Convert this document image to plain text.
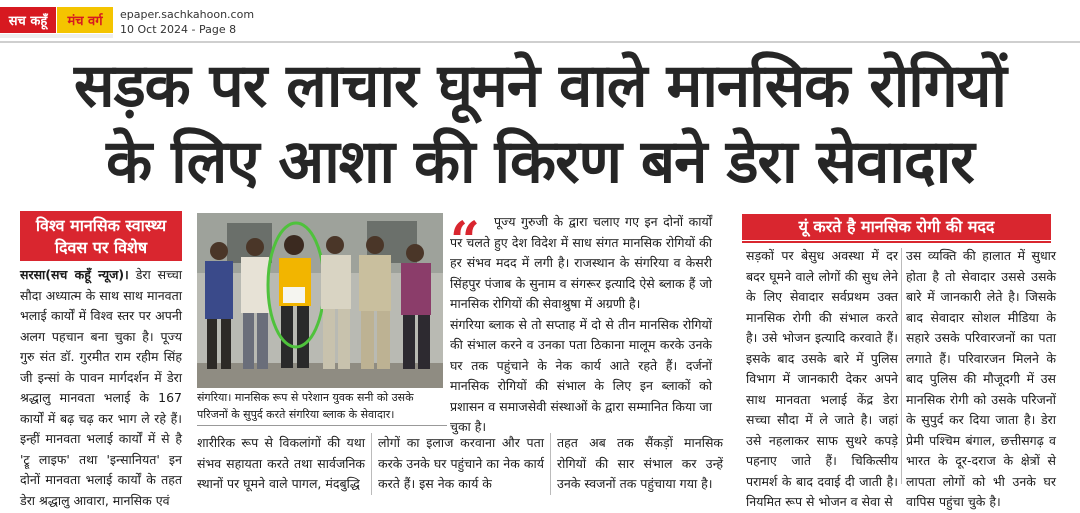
सच कहूँ	मंच वर्ग	epaper.sachkahoon.com
10 Oct 2024 - Page 8
सड़क पर लाचार घूमने वाले मानसिक रोगियों
के लिए आशा की किरण बने डेरा सेवादार
विश्व मानसिक स्वास्थ्य
दिवस पर विशेष

सरसा(सच कहूँ न्यूज)। डेरा सच्चा सौदा अध्यात्म के साथ साथ मानवता भलाई कार्यों में विश्व स्तर पर अपनी अलग पहचान बना चुका है। पूज्य गुरु संत डॉ. गुरमीत राम रहीम सिंह जी इन्सां के पावन मार्गदर्शन में डेरा श्रद्धालु मानवता भलाई के 167 कार्यों में बढ़ चढ़ कर भाग ले रहे हैं। इन्हीं मानवता भलाई कार्यों में से है 'ट्रू लाइफ' तथा 'इन्सानियत' इन दोनों मानवता भलाई कार्यों के तहत डेरा श्रद्धालु आवारा, मानसिक एवं

संगरिया। मानसिक रूप से परेशान युवक सनी को उसके परिजनों के सुपुर्द करते संगरिया ब्लाक के सेवादार।
“	पूज्य गुरुजी के द्वारा चलाए गए इन दोनों कार्यों पर चलते हुए देश विदेश में साध संगत मानसिक रोगियों की हर संभव मदद में लगी है। राजस्थान के संगरिया व केसरी सिंहपुर पंजाब के सुनाम व संगरूर इत्यादि ऐसे ब्लाक हैं जो मानसिक रोगियों की सेवाश्रुषा में अग्रणी है।

संगरिया ब्लाक से तो सप्ताह में दो से तीन मानसिक रोगियों की संभाल करने व उनका पता ठिकाना मालूम करके उनके घर तक पहुंचाने के नेक कार्य आते रहते हैं। दर्जनों मानसिक रोगियों की संभाल के लिए इन ब्लाकों को प्रशासन व समाजसेवी संस्थाओं के द्वारा सम्मानित किया जा चुका है।

शारीरिक रूप से विकलांगों की यथा संभव सहायता करते तथा सार्वजनिक स्थानों पर घूमने वाले पागल, मंदबुद्धि
लोगों का इलाज करवाना और पता करके उनके घर पहुंचाने का नेक कार्य करते हैं। इस नेक कार्य के
तहत अब तक सैंकड़ों मानसिक रोगियों की सार संभाल कर उन्हें उनके स्वजनों तक पहुंचाया गया है।
यूं करते है मानसिक रोगी की मदद
सड़कों पर बेसुध अवस्था में दर बदर घूमने वाले लोगों की सुध लेने के लिए सेवादार सर्वप्रथम उक्त मानसिक रोगी की संभाल करते है। उसे भोजन इत्यादि करवाते हैं। इसके बाद उसके बारे में पुलिस विभाग में जानकारी देकर अपने साथ मानवता भलाई केंद्र डेरा सच्चा सौदा में ले जाते है। जहां उसे नहलाकर साफ सुथरे कपड़े पहनाए जाते हैं। चिकित्सीय परामर्श के बाद दवाई दी जाती है। नियमित रूप से भोजन व सेवा से
उस व्यक्ति की हालात में सुधार होता है तो सेवादार उससे उसके बारे में जानकारी लेते है। जिसके बाद सेवादार सोशल मीडिया के सहारे उसके परिवारजनों का पता लगाते हैं। परिवारजन मिलने के बाद पुलिस की मौजूदगी में उस मानसिक रोगी को उसके परिजनों के सुपुर्द कर दिया जाता है। डेरा प्रेमी पश्चिम बंगाल, छत्तीसगढ़ व भारत के दूर-दराज के क्षेत्रों से लापता लोगों को भी उनके घर वापिस पहुंचा चुके है।
